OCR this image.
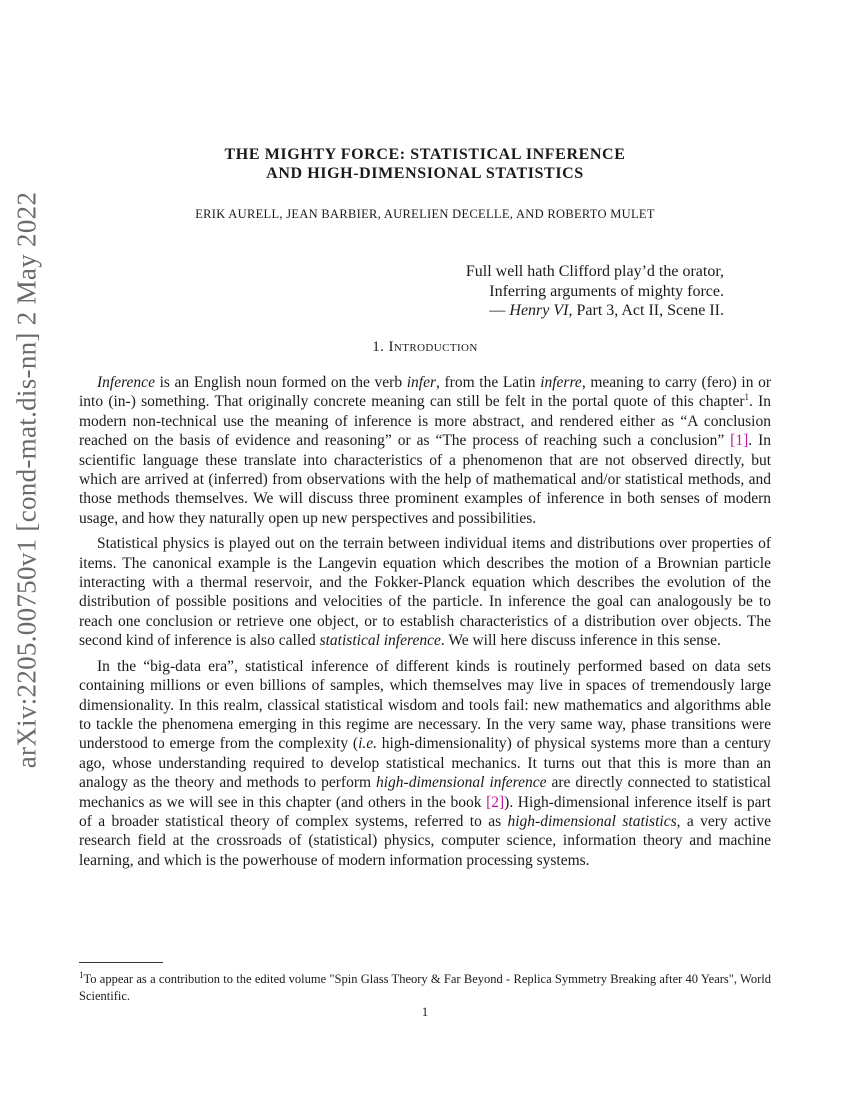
arXiv:2205.00750v1 [cond-mat.dis-nn] 2 May 2022
THE MIGHTY FORCE: STATISTICAL INFERENCE
AND HIGH-DIMENSIONAL STATISTICS
ERIK AURELL, JEAN BARBIER, AURELIEN DECELLE, AND ROBERTO MULET
Full well hath Clifford play’d the orator,
Inferring arguments of mighty force.
— Henry VI, Part 3, Act II, Scene II.
1. Introduction

Inference is an English noun formed on the verb infer, from the Latin inferre, meaning to carry (fero) in or into (in-) something. That originally concrete meaning can still be felt in the portal quote of this chapter$^1$. In modern non-technical use the meaning of inference is more abstract, and rendered either as “A conclusion reached on the basis of evidence and reasoning” or as “The process of reaching such a conclusion” [1]. In scientific language these translate into characteristics of a phenomenon that are not observed directly, but which are arrived at (inferred) from observations with the help of mathematical and/or statistical methods, and those methods themselves. We will discuss three prominent examples of inference in both senses of modern usage, and how they naturally open up new perspectives and possibilities.

Statistical physics is played out on the terrain between individual items and distributions over properties of items. The canonical example is the Langevin equation which describes the motion of a Brownian particle interacting with a thermal reservoir, and the Fokker-Planck equation which describes the evolution of the distribution of possible positions and velocities of the particle. In inference the goal can analogously be to reach one conclusion or retrieve one object, or to establish characteristics of a distribution over objects. The second kind of inference is also called statistical inference. We will here discuss inference in this sense.

In the “big-data era”, statistical inference of different kinds is routinely performed based on data sets containing millions or even billions of samples, which themselves may live in spaces of tremendously large dimensionality. In this realm, classical statistical wisdom and tools fail: new mathematics and algorithms able to tackle the phenomena emerging in this regime are necessary. In the very same way, phase transitions were understood to emerge from the complexity (i.e. high-dimensionality) of physical systems more than a century ago, whose understanding required to develop statistical mechanics. It turns out that this is more than an analogy as the theory and methods to perform high-dimensional inference are directly connected to statistical mechanics as we will see in this chapter (and others in the book [2]). High-dimensional inference itself is part of a broader statistical theory of complex systems, referred to as high-dimensional statistics, a very active research field at the crossroads of (statistical) physics, computer science, information theory and machine learning, and which is the powerhouse of modern information processing systems.

$^1$To appear as a contribution to the edited volume "Spin Glass Theory & Far Beyond - Replica Symmetry Breaking after 40 Years", World Scientific.
1
